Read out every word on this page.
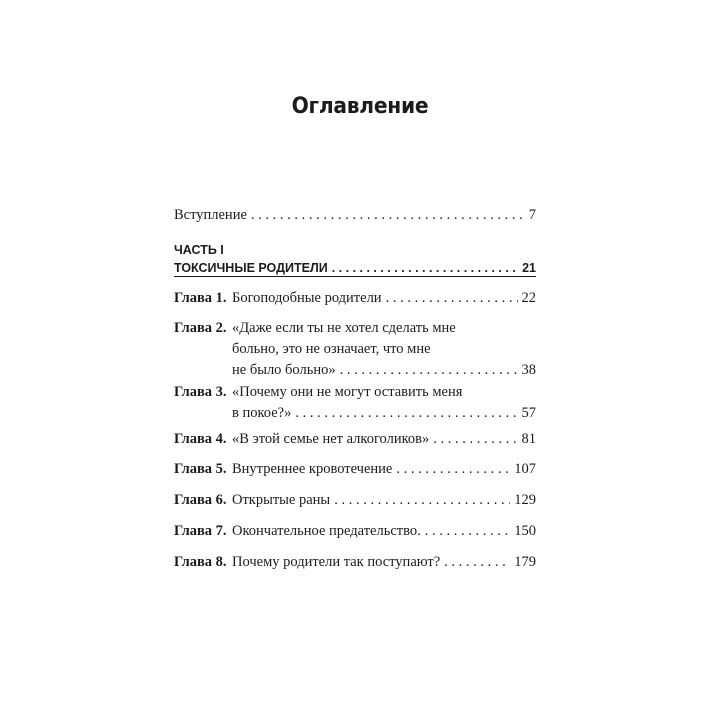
Оглавление
Вступление . . .	7
ЧАСТЬ I
ТОКСИЧНЫЕ РОДИТЕЛИ . . .	21
Глава 1. Богоподобные родители . . .	22
Глава 2. «Даже если ты не хотел сделать мне
больно, это не означает, что мне
не было больно» . . .	38
Глава 3. «Почему они не могут оставить меня
в покое?» . . .	57
Глава 4. «В этой семье нет алкоголиков» . . .	81
Глава 5. Внутреннее кровотечение . . .	107
Глава 6. Открытые раны . . .	129
Глава 7. Окончательное предательство. . . .	150
Глава 8. Почему родители так поступают? . . .	179
